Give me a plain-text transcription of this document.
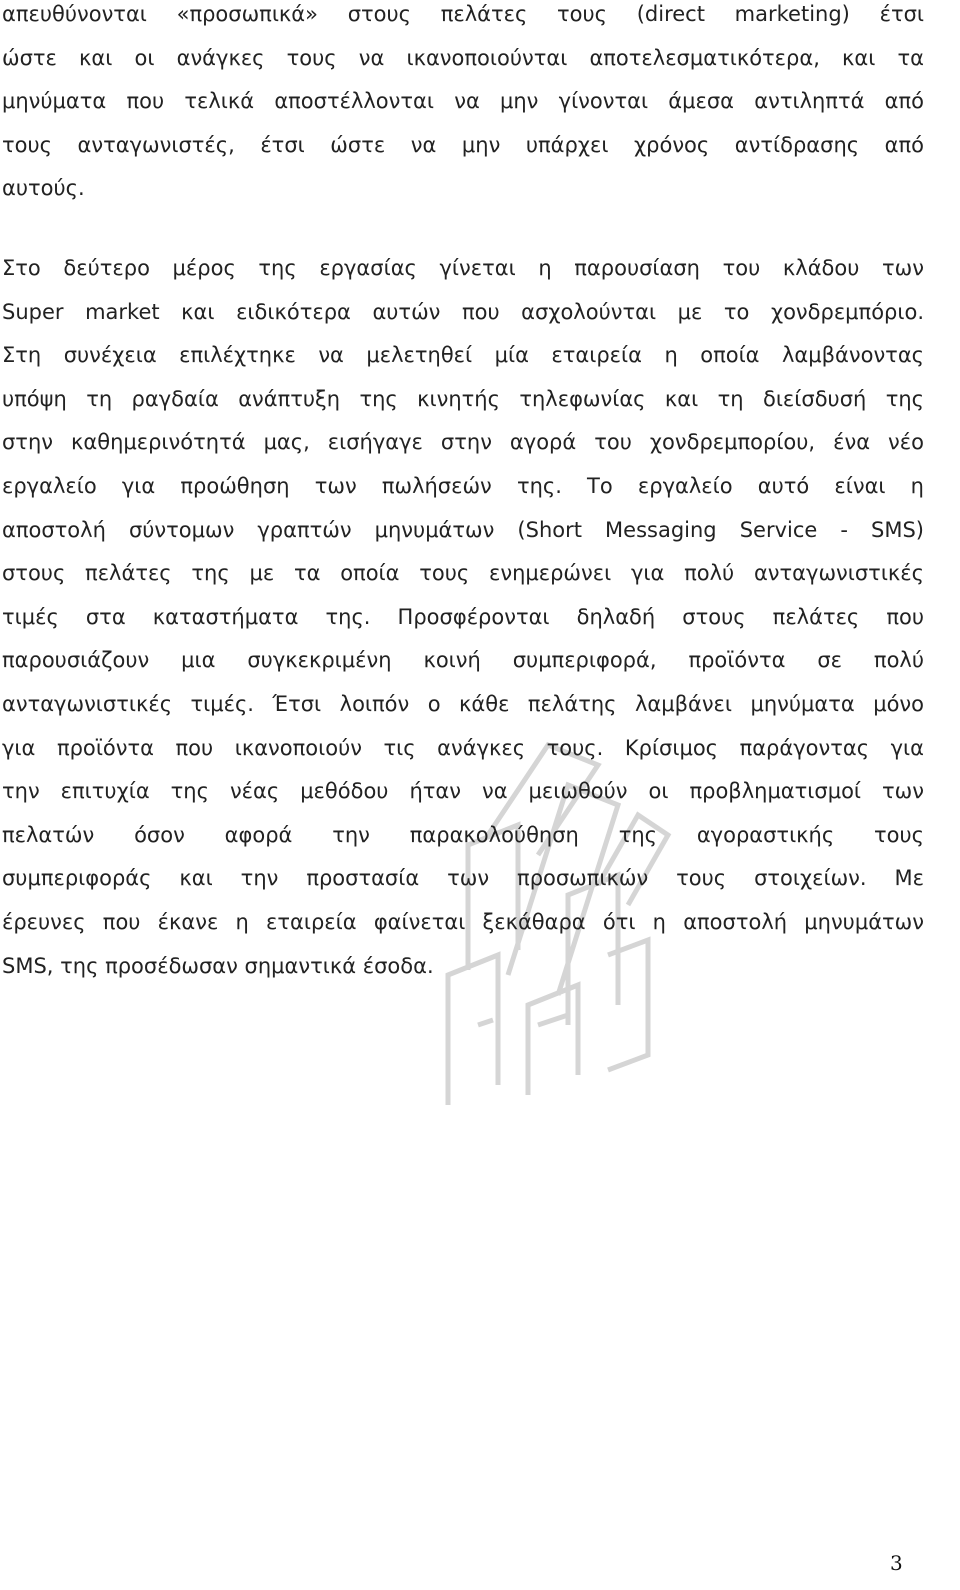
απευθύνονται «προσωπικά» στους πελάτες τους (direct marketing) έτσι
ώστε και οι ανάγκες τους να ικανοποιούνται αποτελεσματικότερα, και τα
μηνύματα που τελικά αποστέλλονται να μην γίνονται άμεσα αντιληπτά από
τους ανταγωνιστές, έτσι ώστε να μην υπάρχει χρόνος αντίδρασης από
αυτούς.
Στο δεύτερο μέρος της εργασίας γίνεται η παρουσίαση του κλάδου των
Super market και ειδικότερα αυτών που ασχολούνται με το χονδρεμπόριο.
Στη συνέχεια επιλέχτηκε να μελετηθεί μία εταιρεία η οποία λαμβάνοντας
υπόψη τη ραγδαία ανάπτυξη της κινητής τηλεφωνίας και τη διείσδυσή της
στην καθημερινότητά μας, εισήγαγε στην αγορά του χονδρεμπορίου, ένα νέο
εργαλείο για προώθηση των πωλήσεών της. Το εργαλείο αυτό είναι η
αποστολή σύντομων γραπτών μηνυμάτων (Short Messaging Service - SMS)
στους πελάτες της με τα οποία τους ενημερώνει για πολύ ανταγωνιστικές
τιμές στα καταστήματα της. Προσφέρονται δηλαδή στους πελάτες που
παρουσιάζουν μια συγκεκριμένη κοινή συμπεριφορά, προϊόντα σε πολύ
ανταγωνιστικές τιμές. Έτσι λοιπόν ο κάθε πελάτης λαμβάνει μηνύματα μόνο
για προϊόντα που ικανοποιούν τις ανάγκες τους. Κρίσιμος παράγοντας για
την επιτυχία της νέας μεθόδου ήταν να μειωθούν οι προβληματισμοί των
πελατών όσον αφορά την παρακολούθηση της αγοραστικής τους
συμπεριφοράς και την προστασία των προσωπικών τους στοιχείων. Με
έρευνες που έκανε η εταιρεία φαίνεται ξεκάθαρα ότι η αποστολή μηνυμάτων
SMS, της προσέδωσαν σημαντικά έσοδα.
3
